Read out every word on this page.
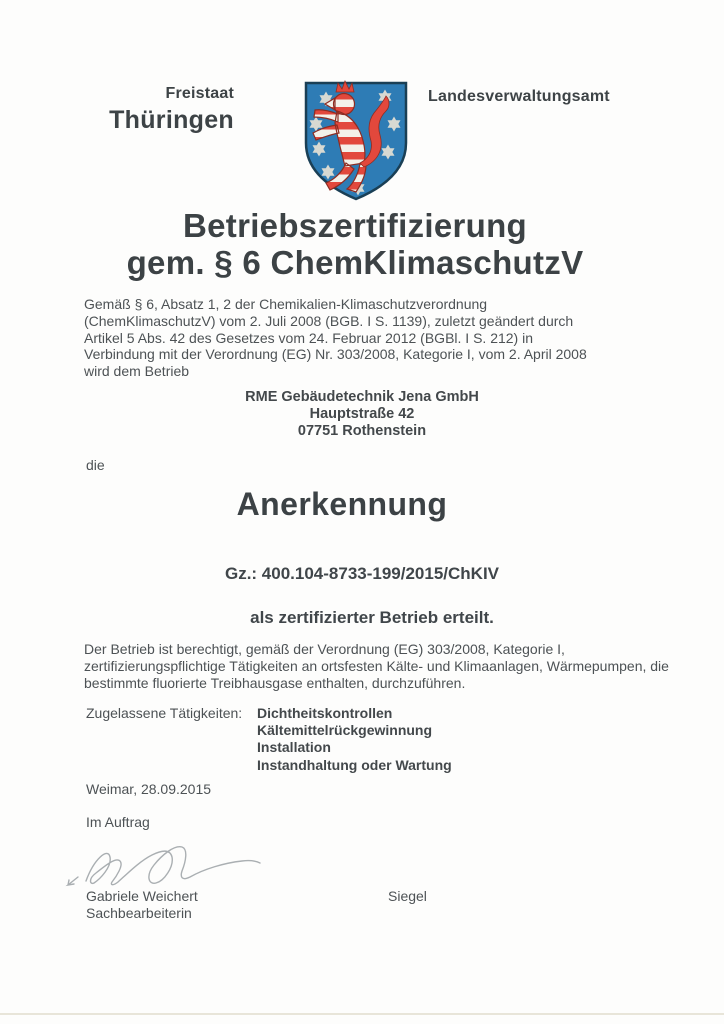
Freistaat
Thüringen
Landesverwaltungsamt
Betriebszertifizierung
gem. § 6 ChemKlimaschutzV
Gemäß § 6, Absatz 1, 2 der Chemikalien-Klimaschutzverordnung (ChemKlimaschutzV) vom 2. Juli 2008 (BGB. I S. 1139), zuletzt geändert durch Artikel 5 Abs. 42 des Gesetzes vom 24. Februar 2012 (BGBl. I S. 212) in Verbindung mit der Verordnung (EG) Nr. 303/2008, Kategorie I, vom 2. April 2008 wird dem Betrieb
RME Gebäudetechnik Jena GmbH
Hauptstraße 42
07751 Rothenstein
die
Anerkennung
Gz.: 400.104-8733-199/2015/ChKIV
als zertifizierter Betrieb erteilt.
Der Betrieb ist berechtigt, gemäß der Verordnung (EG) 303/2008, Kategorie I, zertifizierungspflichtige Tätigkeiten an ortsfesten Kälte- und Klimaanlagen, Wärmepumpen, die bestimmte fluorierte Treibhausgase enthalten, durchzuführen.
Zugelassene Tätigkeiten: Dichtheitskontrollen
Kältemittelrückgewinnung
Installation
Instandhaltung oder Wartung
Weimar, 28.09.2015
Im Auftrag
Gabriele Weichert
Sachbearbeiterin
Siegel
